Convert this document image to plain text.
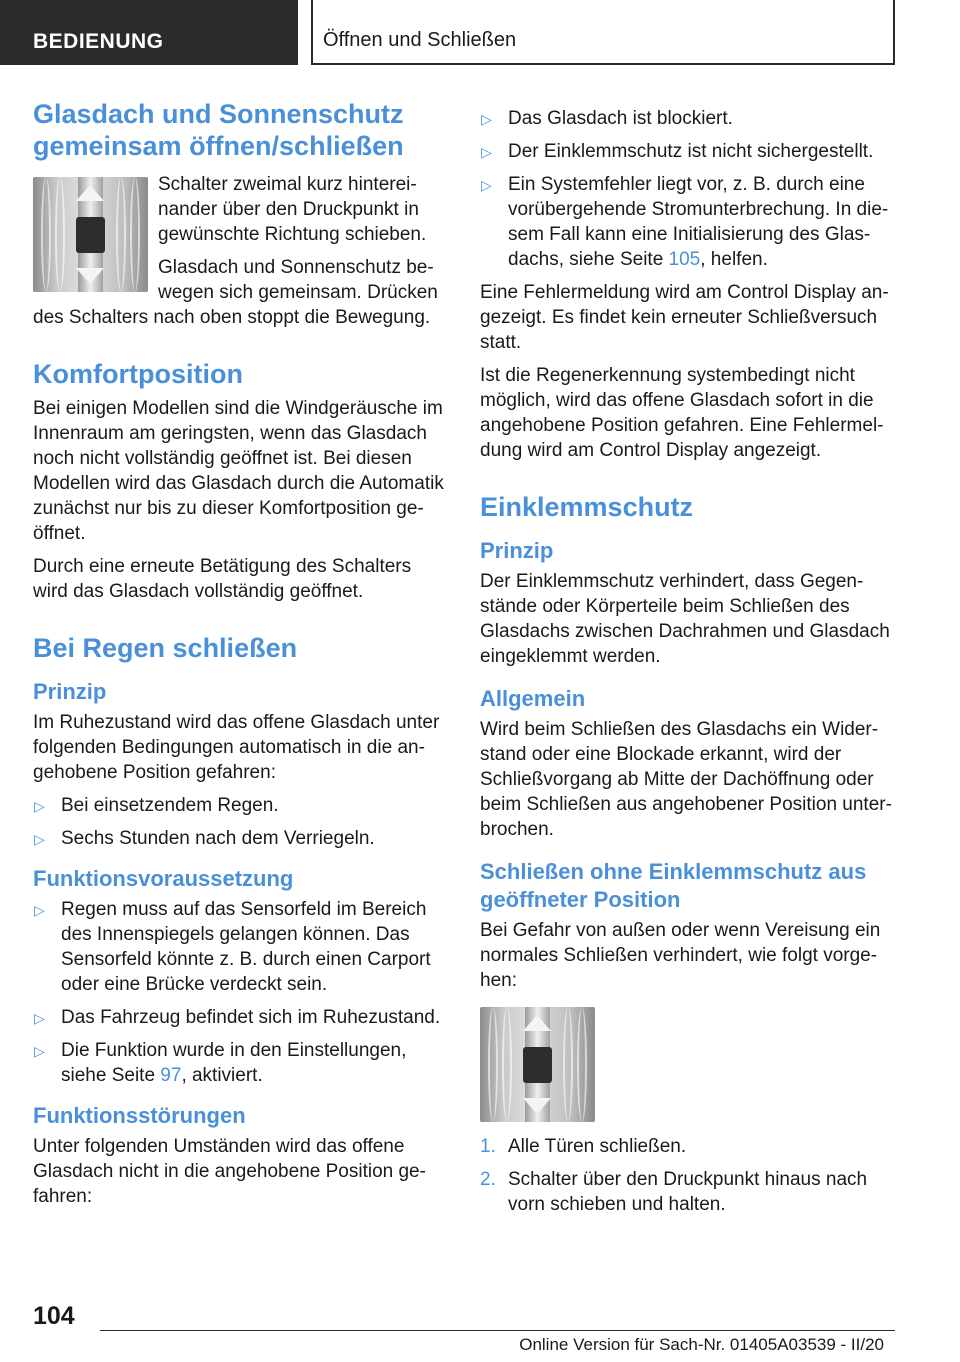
BEDIENUNG	Öffnen und Schließen
Glasdach und Sonnenschutz gemeinsam öffnen/schließen

Schalter zweimal kurz hinterei-nander über den Druckpunkt in gewünschte Richtung schieben.

Glasdach und Sonnenschutz be-wegen sich gemeinsam. Drücken des Schalters nach oben stoppt die Bewegung.

Komfortposition

Bei einigen Modellen sind die Windgeräusche im Innenraum am geringsten, wenn das Glasdach noch nicht vollständig geöffnet ist. Bei diesen Modellen wird das Glasdach durch die Automatik zunächst nur bis zu dieser Komfortposition ge-öffnet.

Durch eine erneute Betätigung des Schalters wird das Glasdach vollständig geöffnet.

Bei Regen schließen
Prinzip

Im Ruhezustand wird das offene Glasdach unter folgenden Bedingungen automatisch in die an-gehobene Position gefahren:

▷ Bei einsetzendem Regen.
▷ Sechs Stunden nach dem Verriegeln.
Funktionsvoraussetzung
▷ Regen muss auf das Sensorfeld im Bereich des Innenspiegels gelangen können. Das Sensorfeld könnte z. B. durch einen Carport oder eine Brücke verdeckt sein.
▷ Das Fahrzeug befindet sich im Ruhezustand.
▷ Die Funktion wurde in den Einstellungen, siehe Seite 97, aktiviert.
Funktionsstörungen

Unter folgenden Umständen wird das offene Glasdach nicht in die angehobene Position ge-fahren:

▷ Das Glasdach ist blockiert.
▷ Der Einklemmschutz ist nicht sichergestellt.
▷ Ein Systemfehler liegt vor, z. B. durch eine vorübergehende Stromunterbrechung. In die-sem Fall kann eine Initialisierung des Glas-dachs, siehe Seite 105, helfen.

Eine Fehlermeldung wird am Control Display an-gezeigt. Es findet kein erneuter Schließversuch statt.

Ist die Regenerkennung systembedingt nicht möglich, wird das offene Glasdach sofort in die angehobene Position gefahren. Eine Fehlermel-dung wird am Control Display angezeigt.

Einklemmschutz
Prinzip

Der Einklemmschutz verhindert, dass Gegen-stände oder Körperteile beim Schließen des Glasdachs zwischen Dachrahmen und Glasdach eingeklemmt werden.

Allgemein

Wird beim Schließen des Glasdachs ein Wider-stand oder eine Blockade erkannt, wird der Schließvorgang ab Mitte der Dachöffnung oder beim Schließen aus angehobener Position unter-brochen.

Schließen ohne Einklemmschutz aus geöffneter Position

Bei Gefahr von außen oder wenn Vereisung ein normales Schließen verhindert, wie folgt vorge-hen:

1. Alle Türen schließen.
2. Schalter über den Druckpunkt hinaus nach vorn schieben und halten.
104
Online Version für Sach-Nr. 01405A03539 - II/20
